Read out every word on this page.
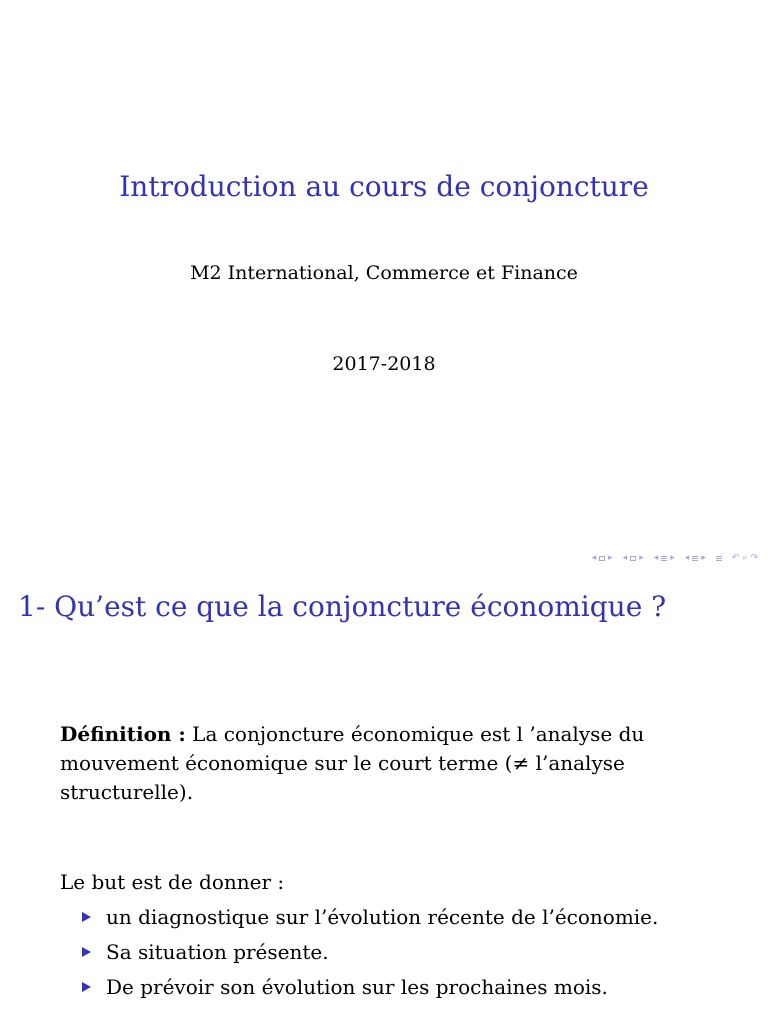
Introduction au cours de conjoncture
M2 International, Commerce et Finance
2017-2018
◂ ▸ ◂ ▸ ◂ ▸ ◂ ▸	↶ ⌕ ↷
1- Qu’est ce que la conjoncture économique ?
Définition : La conjoncture économique est l ’analyse du mouvement économique sur le court terme (≠ l’analyse structurelle).
Le but est de donner :
un diagnostique sur l’évolution récente de l’économie.
Sa situation présente.
De prévoir son évolution sur les prochaines mois.
